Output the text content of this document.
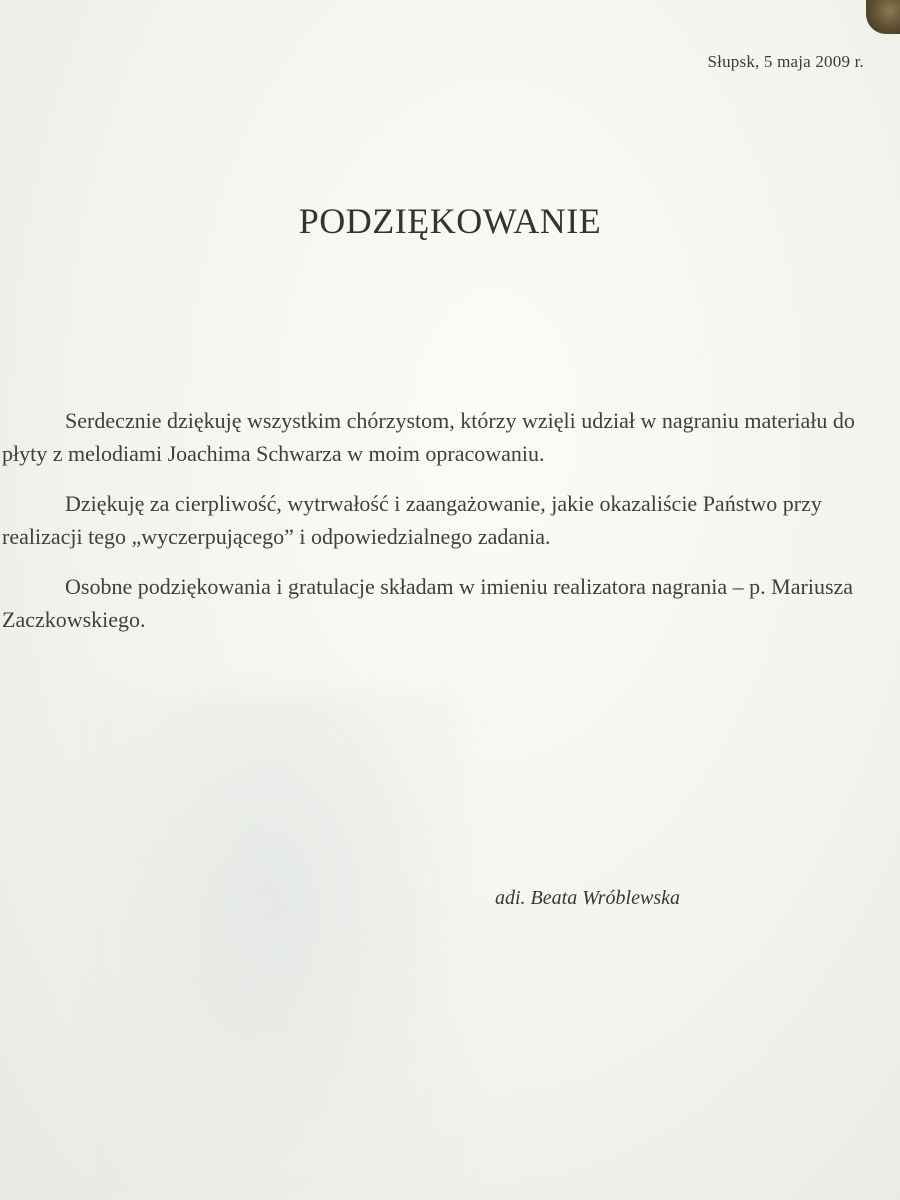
Słupsk, 5 maja 2009 r.
PODZIĘKOWANIE

Serdecznie dziękuję wszystkim chórzystom, którzy wzięli udział w nagraniu materiału do płyty z melodiami Joachima Schwarza w moim opracowaniu.

Dziękuję za cierpliwość, wytrwałość i zaangażowanie, jakie okazaliście Państwo przy realizacji tego „wyczerpującego” i odpowiedzialnego zadania.

Osobne podziękowania i gratulacje składam w imieniu realizatora nagrania – p. Mariusza Zaczkowskiego.

adi. Beata Wróblewska
